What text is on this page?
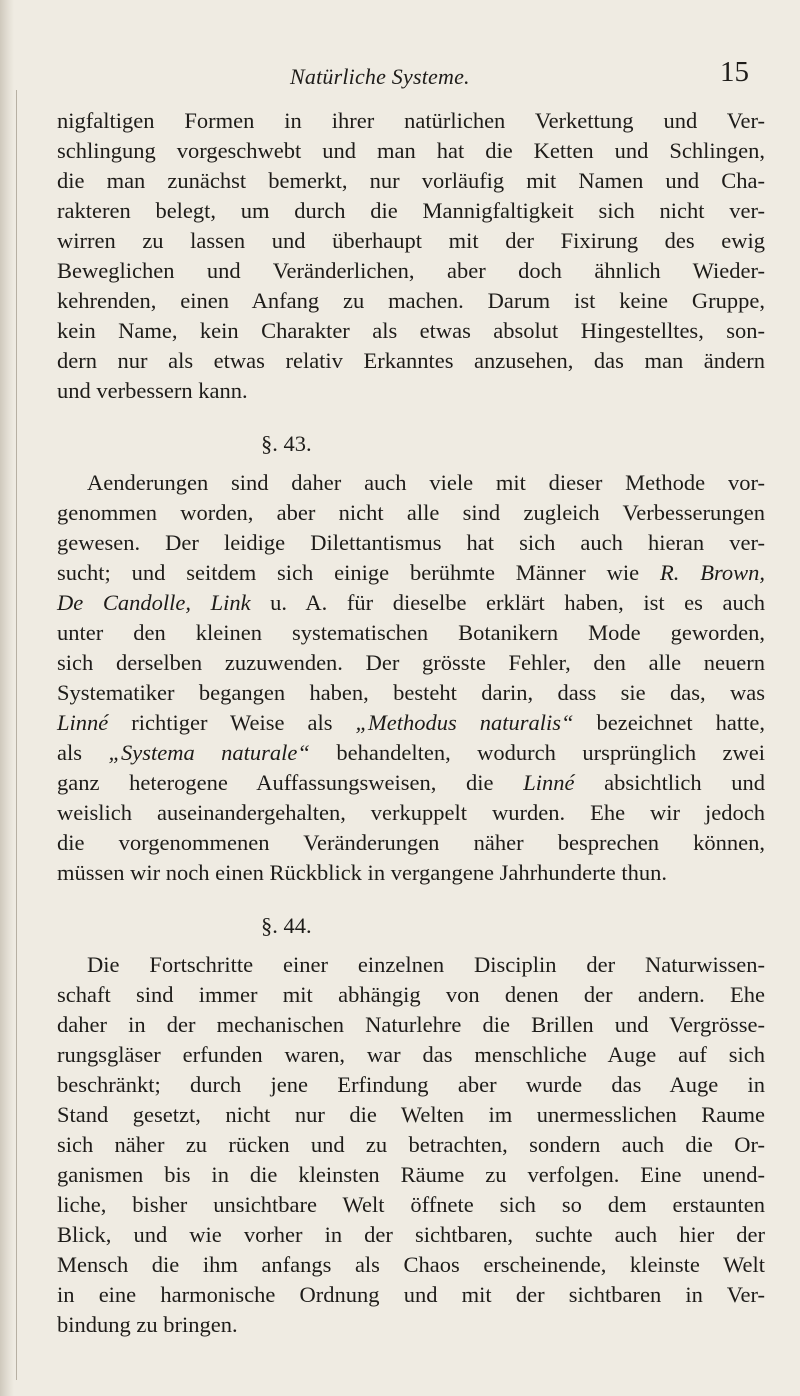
Natürliche Systeme.	15
nigfaltigen Formen in ihrer natürlichen Verkettung und Ver-
schlingung vorgeschwebt und man hat die Ketten und Schlingen,
die man zunächst bemerkt, nur vorläufig mit Namen und Cha-
rakteren belegt, um durch die Mannigfaltigkeit sich nicht ver-
wirren zu lassen und überhaupt mit der Fixirung des ewig
Beweglichen und Veränderlichen, aber doch ähnlich Wieder-
kehrenden, einen Anfang zu machen. Darum ist keine Gruppe,
kein Name, kein Charakter als etwas absolut Hingestelltes, son-
dern nur als etwas relativ Erkanntes anzusehen, das man ändern
und verbessern kann.
§. 43.
Aenderungen sind daher auch viele mit dieser Methode vor-
genommen worden, aber nicht alle sind zugleich Verbesserungen
gewesen. Der leidige Dilettantismus hat sich auch hieran ver-
sucht; und seitdem sich einige berühmte Männer wie R. Brown,
De Candolle, Link u. A. für dieselbe erklärt haben, ist es auch
unter den kleinen systematischen Botanikern Mode geworden,
sich derselben zuzuwenden. Der grösste Fehler, den alle neuern
Systematiker begangen haben, besteht darin, dass sie das, was
Linné richtiger Weise als „Methodus naturalis“ bezeichnet hatte,
als „Systema naturale“ behandelten, wodurch ursprünglich zwei
ganz heterogene Auffassungsweisen, die Linné absichtlich und
weislich auseinandergehalten, verkuppelt wurden. Ehe wir jedoch
die vorgenommenen Veränderungen näher besprechen können,
müssen wir noch einen Rückblick in vergangene Jahrhunderte thun.
§. 44.
Die Fortschritte einer einzelnen Disciplin der Naturwissen-
schaft sind immer mit abhängig von denen der andern. Ehe
daher in der mechanischen Naturlehre die Brillen und Vergrösse-
rungsgläser erfunden waren, war das menschliche Auge auf sich
beschränkt; durch jene Erfindung aber wurde das Auge in
Stand gesetzt, nicht nur die Welten im unermesslichen Raume
sich näher zu rücken und zu betrachten, sondern auch die Or-
ganismen bis in die kleinsten Räume zu verfolgen. Eine unend-
liche, bisher unsichtbare Welt öffnete sich so dem erstaunten
Blick, und wie vorher in der sichtbaren, suchte auch hier der
Mensch die ihm anfangs als Chaos erscheinende, kleinste Welt
in eine harmonische Ordnung und mit der sichtbaren in Ver-
bindung zu bringen.
